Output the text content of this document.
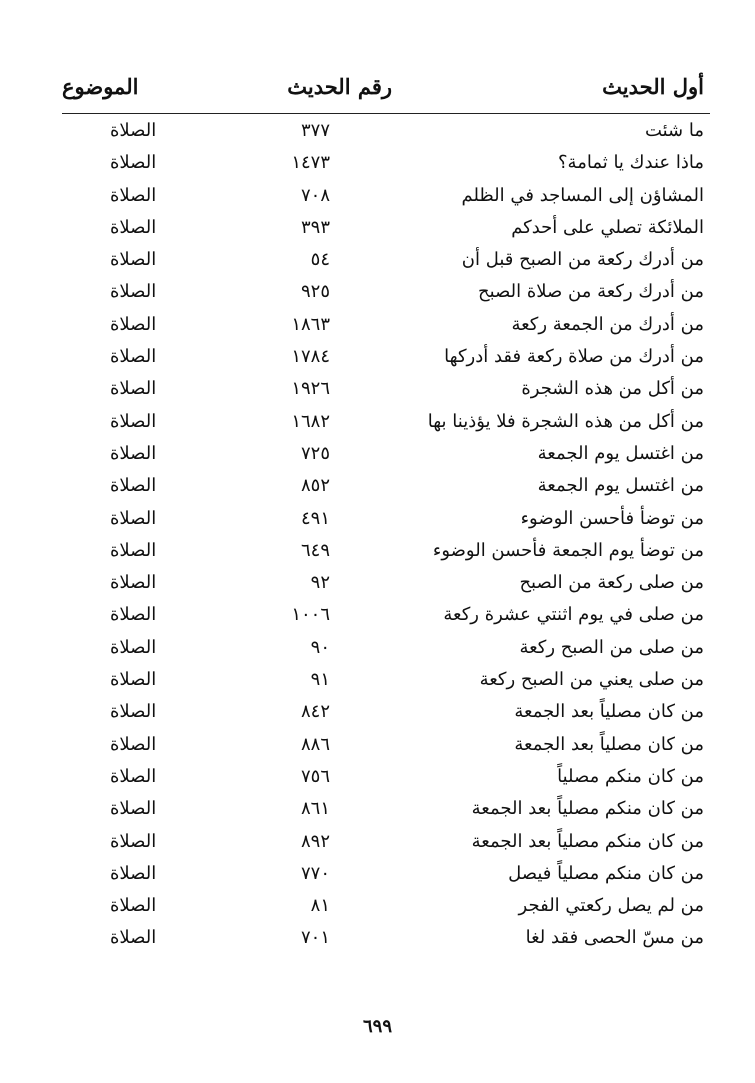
أول الحديث
رقم الحديث
الموضوع
ما شئت
٣٧٧
الصلاة
ماذا عندك يا ثمامة؟
١٤٧٣
الصلاة
المشاؤن إلى المساجد في الظلم
٧٠٨
الصلاة
الملائكة تصلي على أحدكم
٣٩٣
الصلاة
من أدرك ركعة من الصبح قبل أن
٥٤
الصلاة
من أدرك ركعة من صلاة الصبح
٩٢٥
الصلاة
من أدرك من الجمعة ركعة
١٨٦٣
الصلاة
من أدرك من صلاة ركعة فقد أدركها
١٧٨٤
الصلاة
من أكل من هذه الشجرة
١٩٢٦
الصلاة
من أكل من هذه الشجرة فلا يؤذينا بها
١٦٨٢
الصلاة
من اغتسل يوم الجمعة
٧٢٥
الصلاة
من اغتسل يوم الجمعة
٨٥٢
الصلاة
من توضأ فأحسن الوضوء
٤٩١
الصلاة
من توضأ يوم الجمعة فأحسن الوضوء
٦٤٩
الصلاة
من صلى ركعة من الصبح
٩٢
الصلاة
من صلى في يوم اثنتي عشرة ركعة
١٠٠٦
الصلاة
من صلى من الصبح ركعة
٩٠
الصلاة
من صلى يعني من الصبح ركعة
٩١
الصلاة
من كان مصلياً بعد الجمعة
٨٤٢
الصلاة
من كان مصلياً بعد الجمعة
٨٨٦
الصلاة
من كان منكم مصلياً
٧٥٦
الصلاة
من كان منكم مصلياً بعد الجمعة
٨٦١
الصلاة
من كان منكم مصلياً بعد الجمعة
٨٩٢
الصلاة
من كان منكم مصلياً فيصل
٧٧٠
الصلاة
من لم يصل ركعتي الفجر
٨١
الصلاة
من مسّ الحصى فقد لغا
٧٠١
الصلاة
٦٩٩
